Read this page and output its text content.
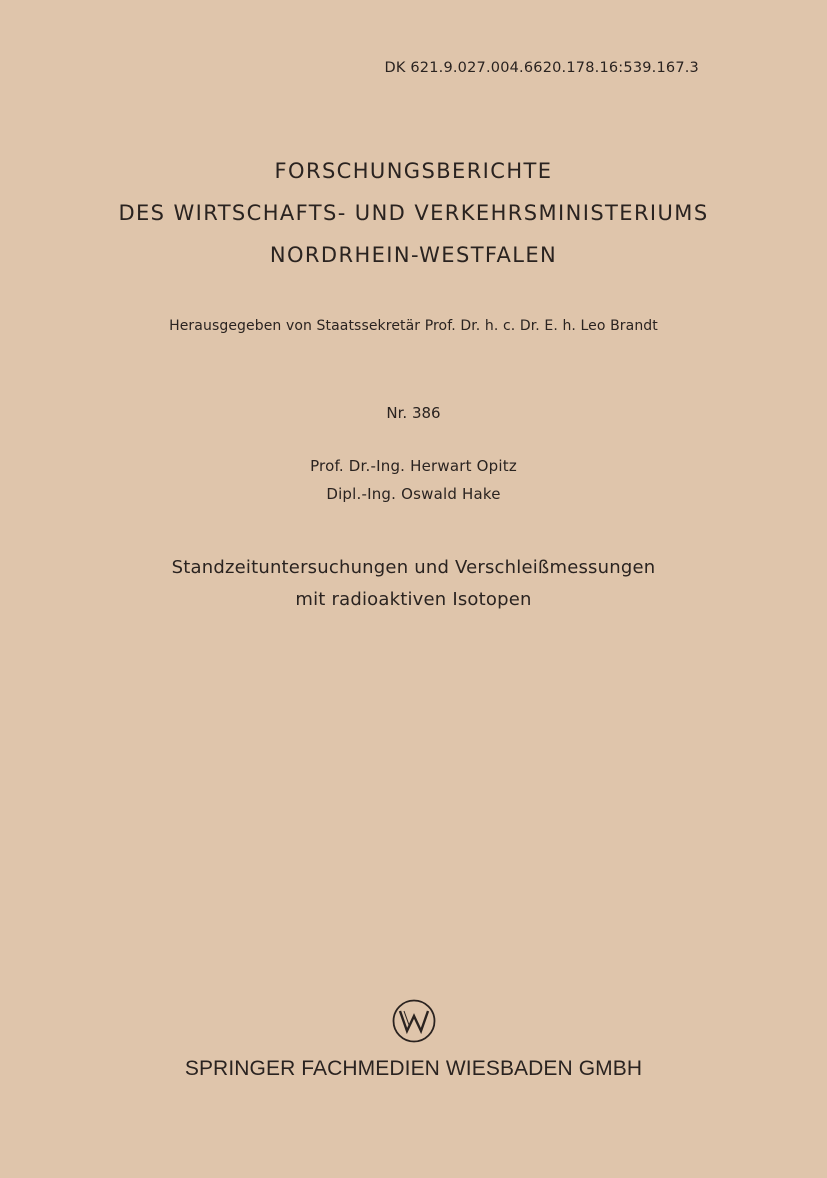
DK 621.9.027.004.6620.178.16:539.167.3
FORSCHUNGSBERICHTE
DES WIRTSCHAFTS- UND VERKEHRSMINISTERIUMS
NORDRHEIN-WESTFALEN
Herausgegeben von Staatssekretär Prof. Dr. h. c. Dr. E. h. Leo Brandt
Nr. 386
Prof. Dr.-Ing. Herwart Opitz
Dipl.-Ing. Oswald Hake
Standzeituntersuchungen und Verschleißmessungen
mit radioaktiven Isotopen
SPRINGER FACHMEDIEN WIESBADEN GMBH
